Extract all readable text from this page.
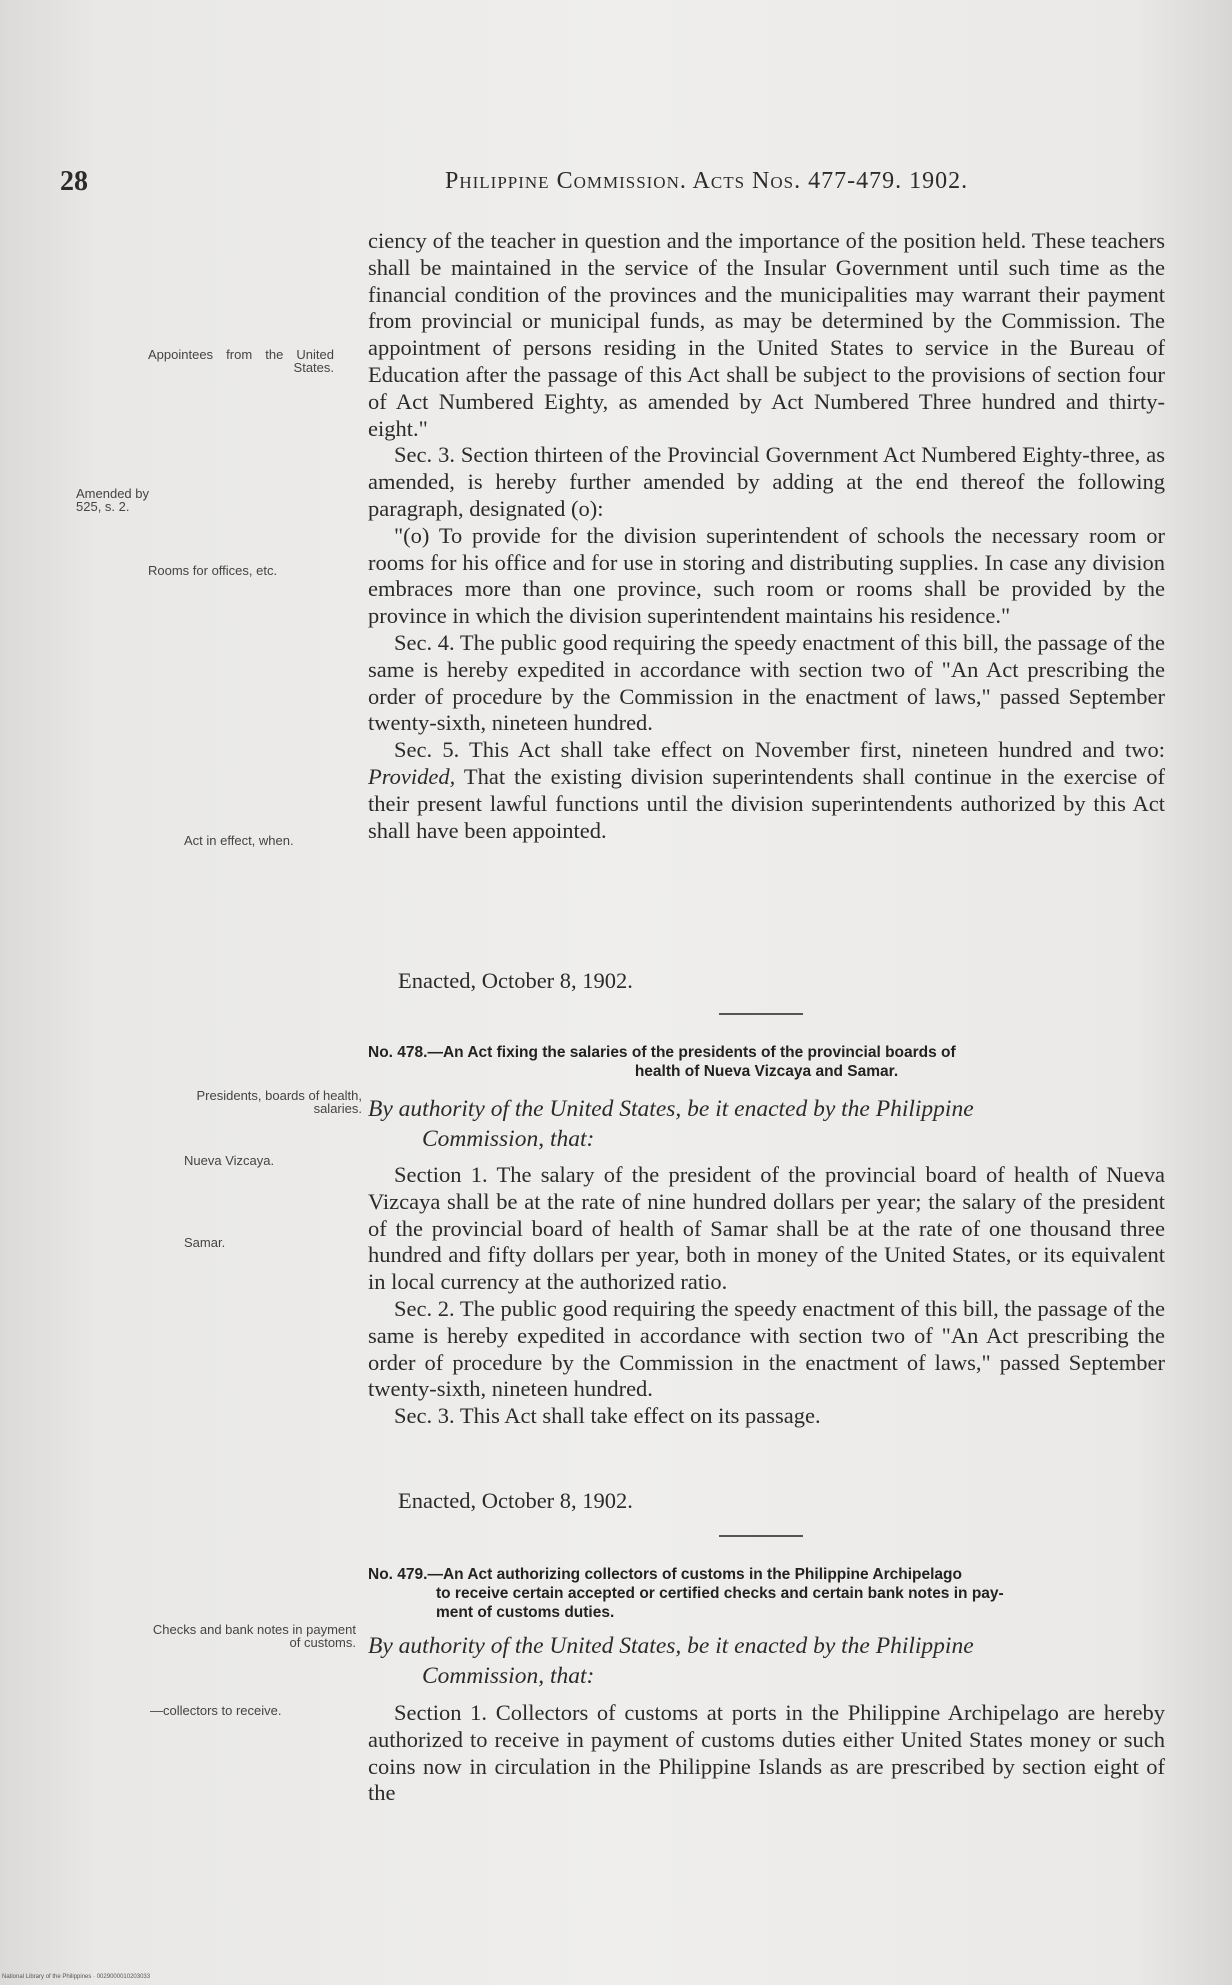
28	Philippine Commission. Acts Nos. 477-479. 1902.
Appointees from the United States.
Amended by 525, s. 2.
Rooms for offices, etc.
Act in effect, when.
Presidents, boards of health, salaries.
Nueva Vizcaya.
Samar.
Checks and bank notes in payment of customs.
—collectors to receive.

ciency of the teacher in question and the importance of the position held. These teachers shall be maintained in the service of the Insular Government until such time as the financial condition of the provinces and the municipalities may warrant their payment from provincial or municipal funds, as may be determined by the Commission. The appointment of persons residing in the United States to service in the Bureau of Education after the passage of this Act shall be subject to the provisions of section four of Act Numbered Eighty, as amended by Act Numbered Three hundred and thirty-eight."

Sec. 3. Section thirteen of the Provincial Government Act Numbered Eighty-three, as amended, is hereby further amended by adding at the end thereof the following paragraph, designated (o):

"(o) To provide for the division superintendent of schools the necessary room or rooms for his office and for use in storing and distributing supplies. In case any division embraces more than one province, such room or rooms shall be provided by the province in which the division superintendent maintains his residence."

Sec. 4. The public good requiring the speedy enactment of this bill, the passage of the same is hereby expedited in accordance with section two of "An Act prescribing the order of procedure by the Commission in the enactment of laws," passed September twenty-sixth, nineteen hundred.

Sec. 5. This Act shall take effect on November first, nineteen hundred and two: Provided, That the existing division superintendents shall continue in the exercise of their present lawful functions until the division superintendents authorized by this Act shall have been appointed.

Enacted, October 8, 1902.
No. 478.—An Act fixing the salaries of the presidents of the provincial boards of
health of Nueva Vizcaya and Samar.
By authority of the United States, be it enacted by the Philippine
Commission, that:

Section 1. The salary of the president of the provincial board of health of Nueva Vizcaya shall be at the rate of nine hundred dollars per year; the salary of the president of the provincial board of health of Samar shall be at the rate of one thousand three hundred and fifty dollars per year, both in money of the United States, or its equivalent in local currency at the authorized ratio.

Sec. 2. The public good requiring the speedy enactment of this bill, the passage of the same is hereby expedited in accordance with section two of "An Act prescribing the order of procedure by the Commission in the enactment of laws," passed September twenty-sixth, nineteen hundred.

Sec. 3. This Act shall take effect on its passage.

Enacted, October 8, 1902.
No. 479.—An Act authorizing collectors of customs in the Philippine Archipelago
to receive certain accepted or certified checks and certain bank notes in pay-
ment of customs duties.
By authority of the United States, be it enacted by the Philippine
Commission, that:

Section 1. Collectors of customs at ports in the Philippine Archipelago are hereby authorized to receive in payment of customs duties either United States money or such coins now in circulation in the Philippine Islands as are prescribed by section eight of the

National Library of the Philippines · 0029000010203033
